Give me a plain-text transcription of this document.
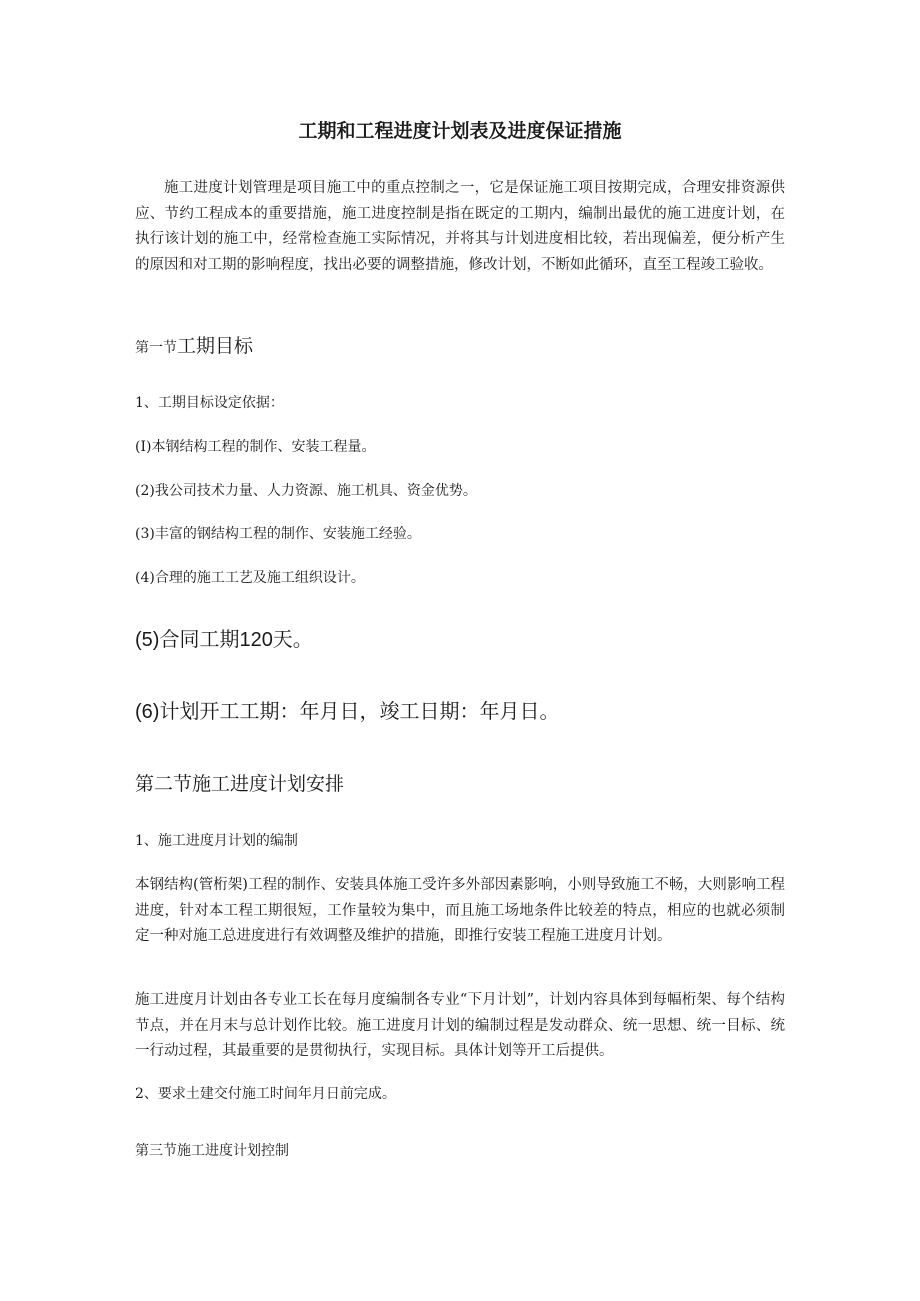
工期和工程进度计划表及进度保证措施

施工进度计划管理是项目施工中的重点控制之一，它是保证施工项目按期完成，合理安排资源供应、节约工程成本的重要措施，施工进度控制是指在既定的工期内，编制出最优的施工进度计划，在执行该计划的施工中，经常检查施工实际情况，并将其与计划进度相比较，若出现偏差，便分析产生的原因和对工期的影响程度，找出必要的调整措施，修改计划，不断如此循环，直至工程竣工验收。

第一节工期目标
1、工期目标设定依据：
(I)本钢结构工程的制作、安装工程量。
(2)我公司技术力量、人力资源、施工机具、资金优势。
(3)丰富的钢结构工程的制作、安装施工经验。
(4)合理的施工工艺及施工组织设计。
(5)合同工期120天。
(6)计划开工工期：年月日，竣工日期：年月日。
第二节施工进度计划安排
1、施工进度月计划的编制

本钢结构(管桁架)工程的制作、安装具体施工受许多外部因素影响，小则导致施工不畅，大则影响工程进度，针对本工程工期很短，工作量较为集中，而且施工场地条件比较差的特点，相应的也就必须制定一种对施工总进度进行有效调整及维护的措施，即推行安装工程施工进度月计划。

施工进度月计划由各专业工长在每月度编制各专业“下月计划”，计划内容具体到每幅桁架、每个结构节点，并在月末与总计划作比较。施工进度月计划的编制过程是发动群众、统一思想、统一目标、统一行动过程，其最重要的是贯彻执行，实现目标。具体计划等开工后提供。

2、要求土建交付施工时间年月日前完成。
第三节施工进度计划控制
